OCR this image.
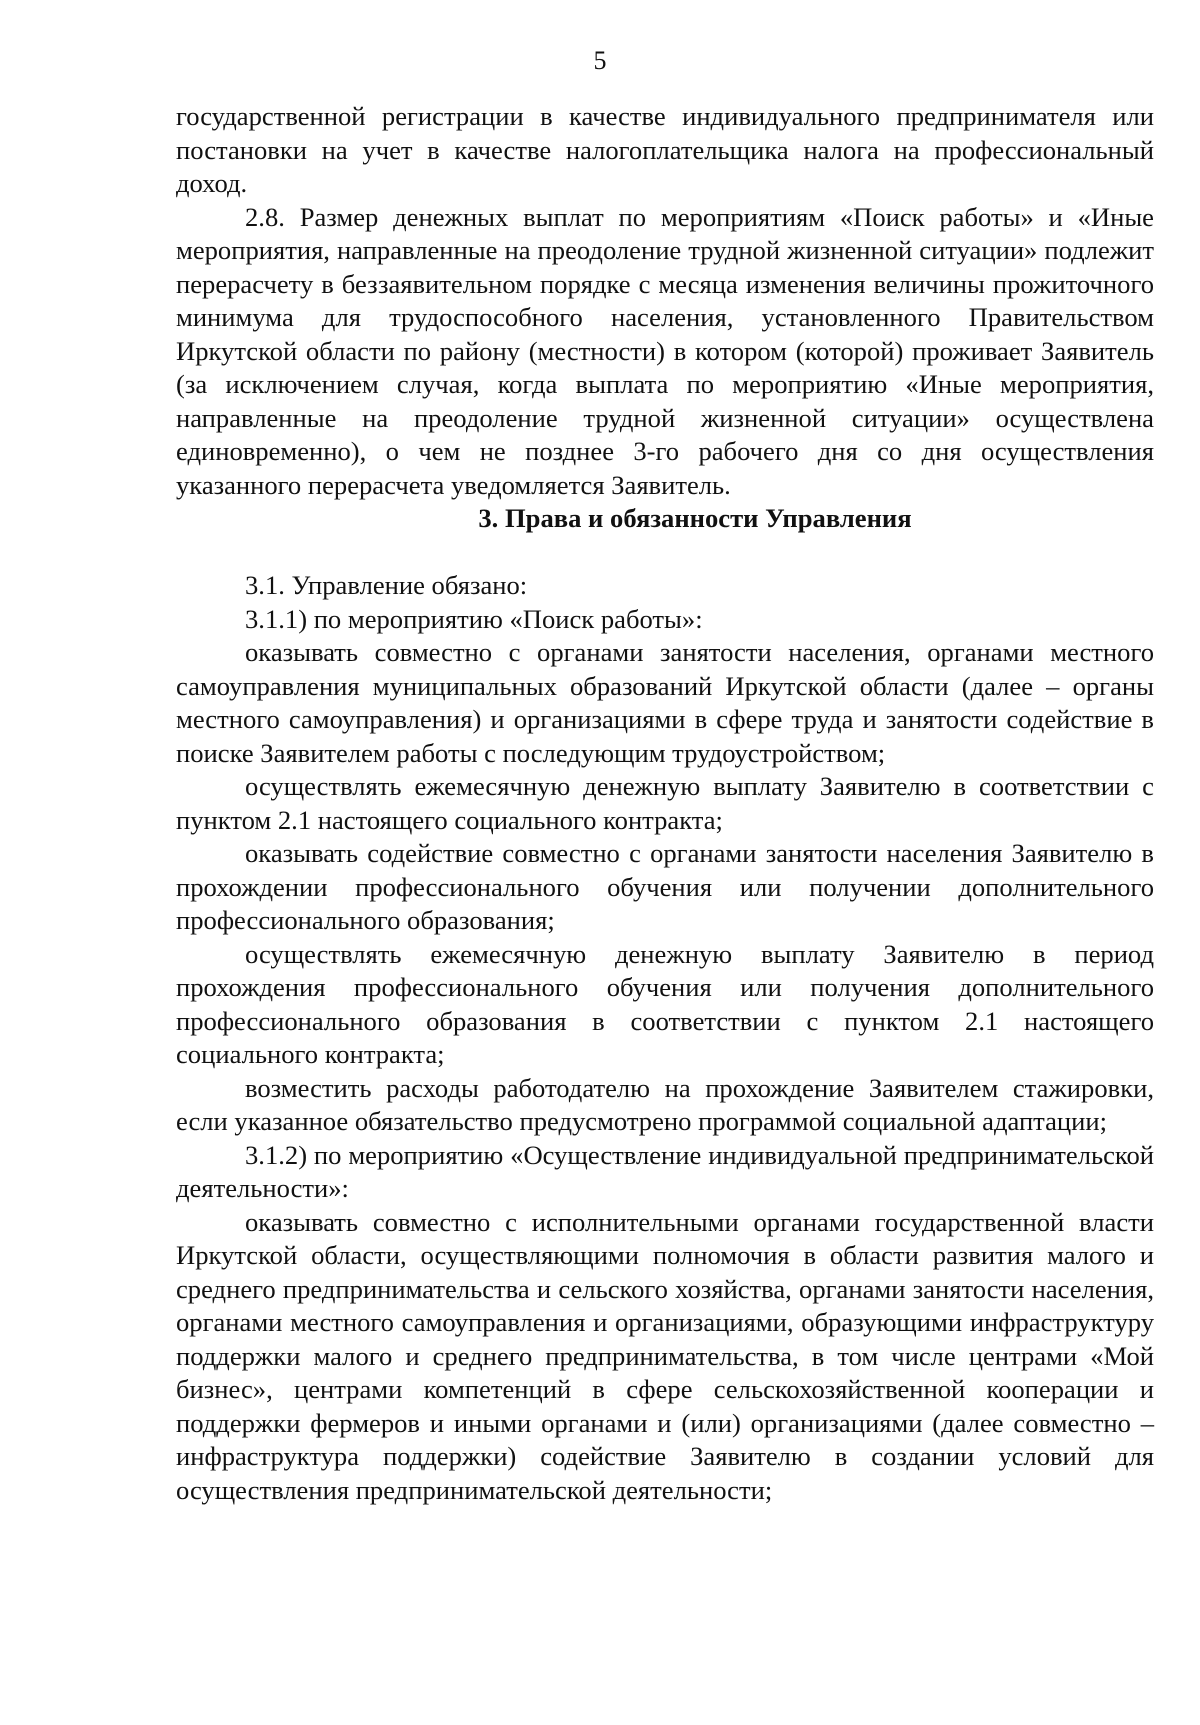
5

государственной регистрации в качестве индивидуального предпринимателя или постановки на учет в качестве налогоплательщика налога на профессиональный доход.

2.8. Размер денежных выплат по мероприятиям «Поиск работы» и «Иные мероприятия, направленные на преодоление трудной жизненной ситуации» подлежит перерасчету в беззаявительном порядке с месяца изменения величины прожиточного минимума для трудоспособного населения, установленного Правительством Иркутской области по району (местности) в котором (которой) проживает Заявитель (за исключением случая, когда выплата по мероприятию «Иные мероприятия, направленные на преодоление трудной жизненной ситуации» осуществлена единовременно), о чем не позднее 3-го рабочего дня со дня осуществления указанного перерасчета уведомляется Заявитель.

3. Права и обязанности Управления

3.1. Управление обязано:

3.1.1) по мероприятию «Поиск работы»:

оказывать совместно с органами занятости населения, органами местного самоуправления муниципальных образований Иркутской области (далее – органы местного самоуправления) и организациями в сфере труда и занятости содействие в поиске Заявителем работы с последующим трудоустройством;

осуществлять ежемесячную денежную выплату Заявителю в соответствии с пунктом 2.1 настоящего социального контракта;

оказывать содействие совместно с органами занятости населения Заявителю в прохождении профессионального обучения или получении дополнительного профессионального образования;

осуществлять ежемесячную денежную выплату Заявителю в период прохождения профессионального обучения или получения дополнительного профессионального образования в соответствии с пунктом 2.1 настоящего социального контракта;

возместить расходы работодателю на прохождение Заявителем стажировки, если указанное обязательство предусмотрено программой социальной адаптации;

3.1.2) по мероприятию «Осуществление индивидуальной предпринимательской деятельности»:

оказывать совместно с исполнительными органами государственной власти Иркутской области, осуществляющими полномочия в области развития малого и среднего предпринимательства и сельского хозяйства, органами занятости населения, органами местного самоуправления и организациями, образующими инфраструктуру поддержки малого и среднего предпринимательства, в том числе центрами «Мой бизнес», центрами компетенций в сфере сельскохозяйственной кооперации и поддержки фермеров и иными органами и (или) организациями (далее совместно – инфраструктура поддержки) содействие Заявителю в создании условий для осуществления предпринимательской деятельности;
